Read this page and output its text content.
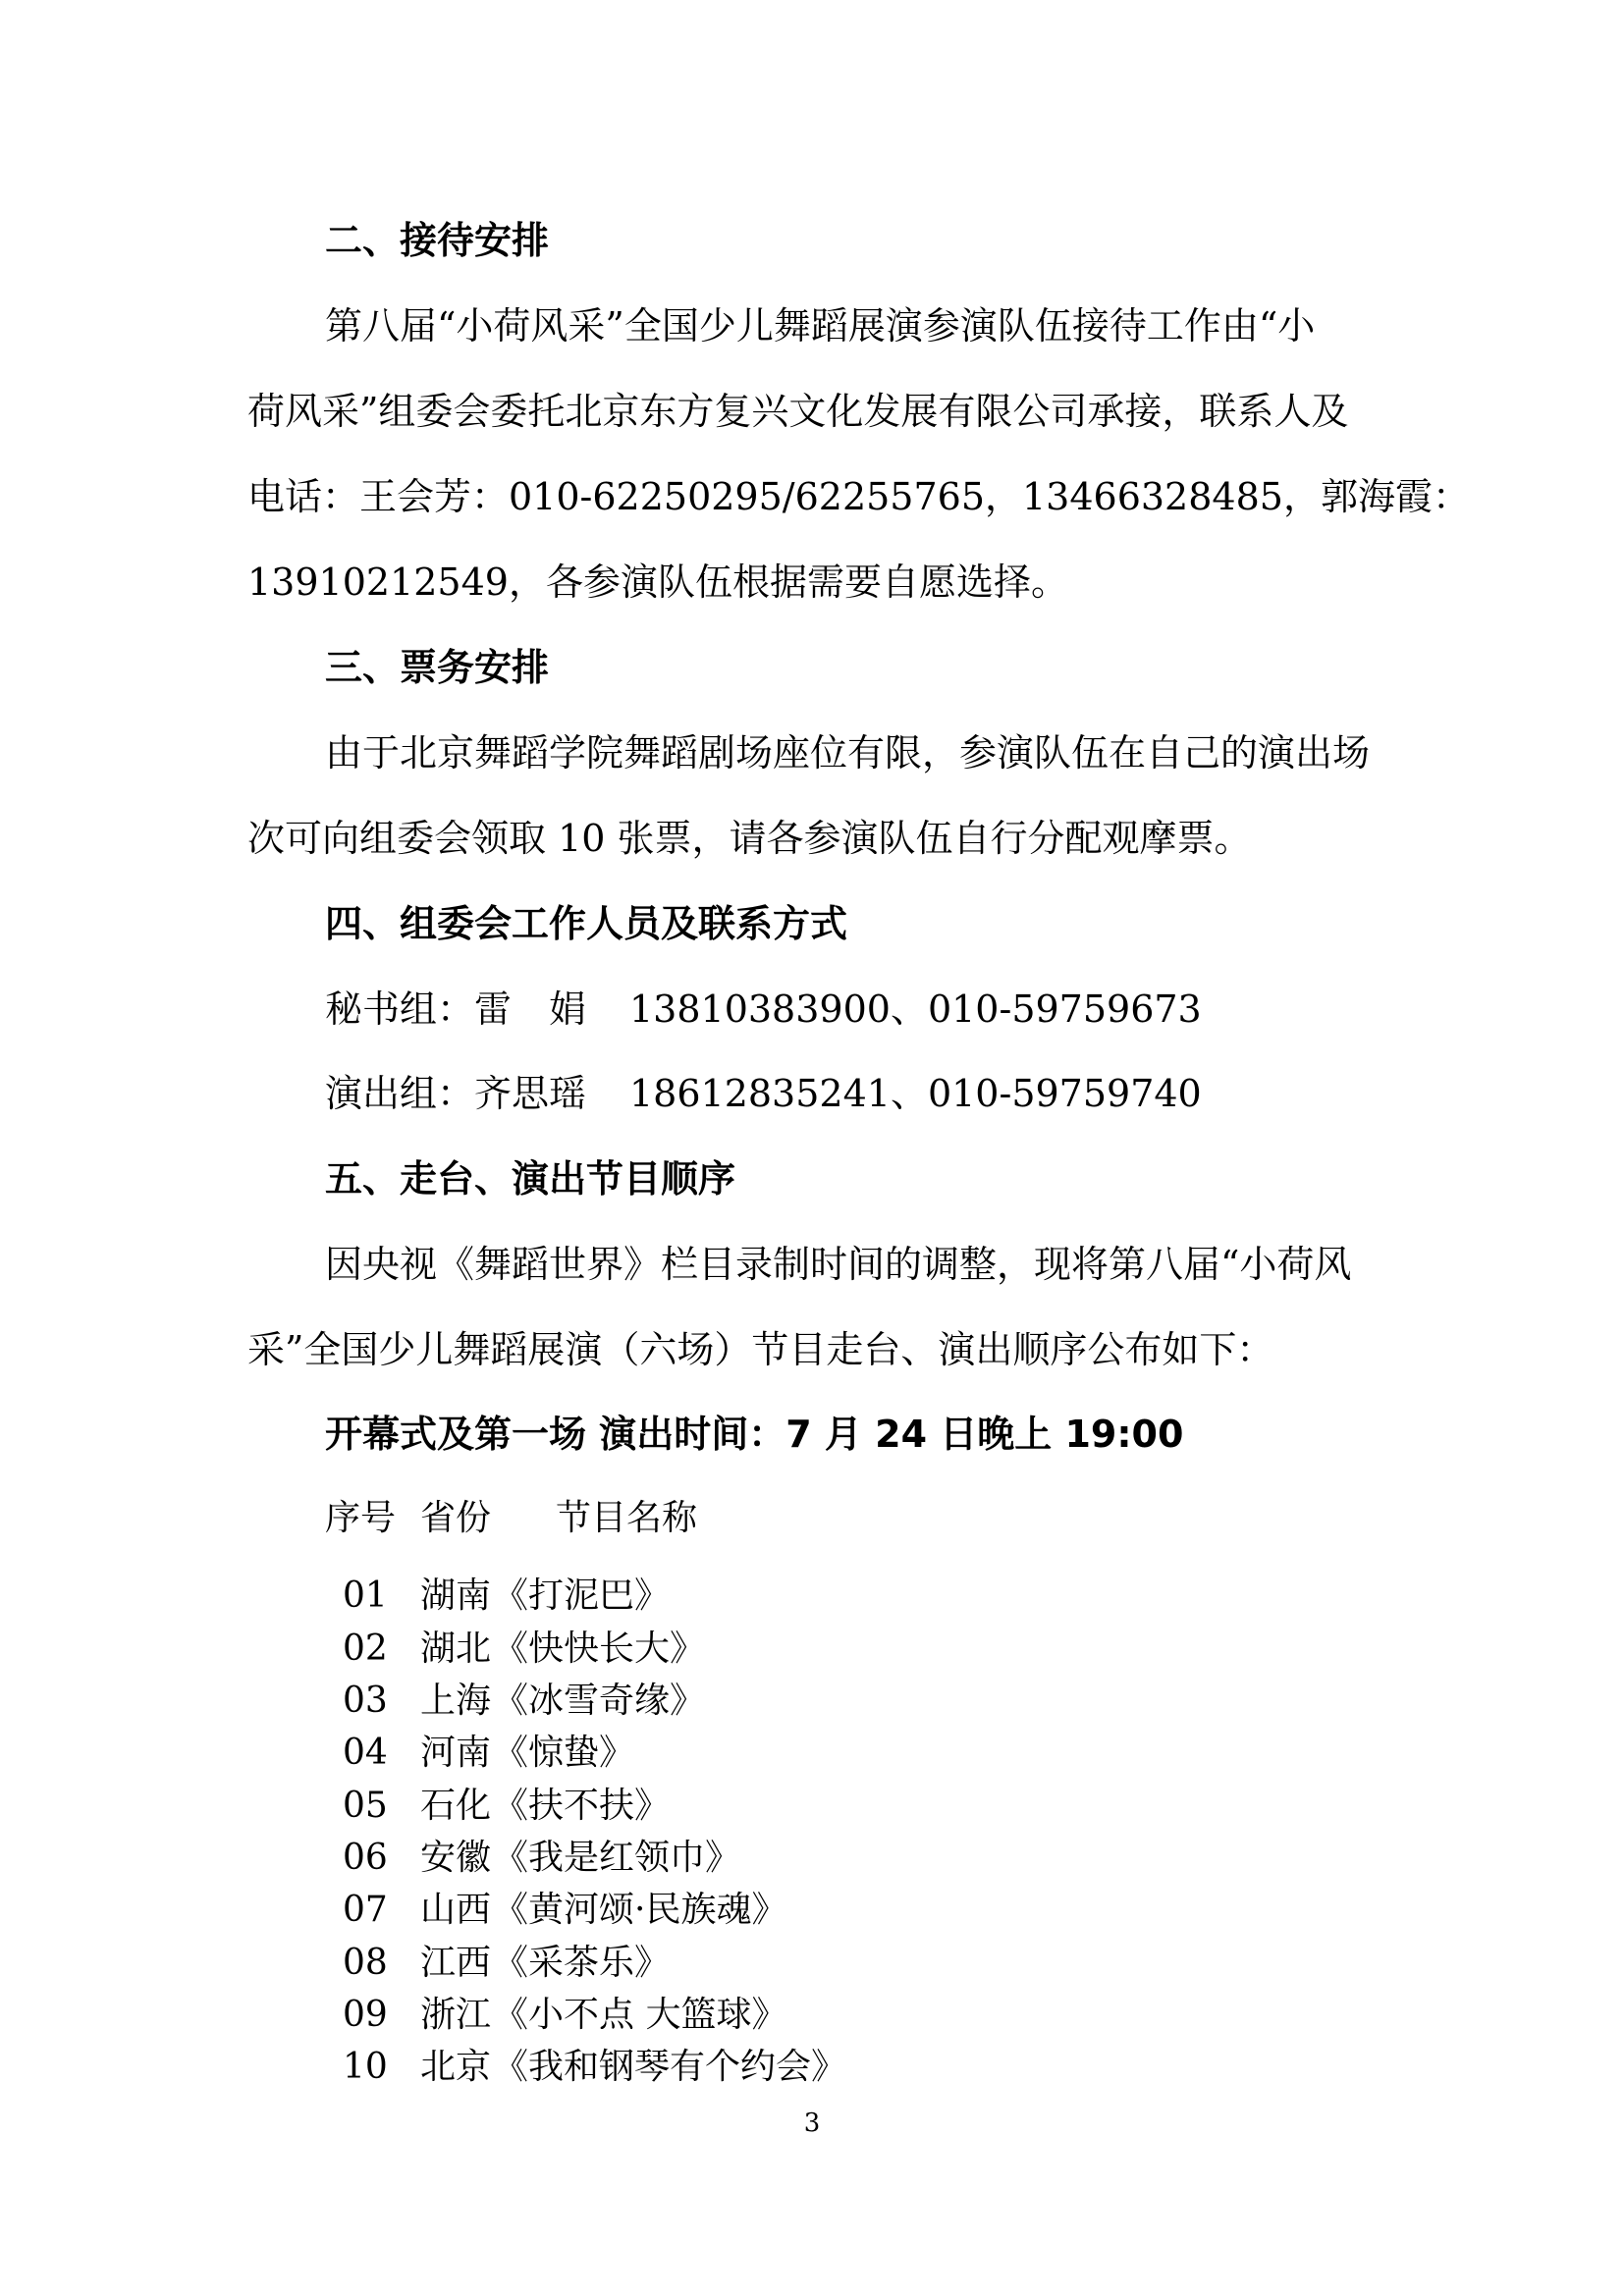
二、接待安排
第八届“小荷风采”全国少儿舞蹈展演参演队伍接待工作由“小
荷风采”组委会委托北京东方复兴文化发展有限公司承接，联系人及
电话：王会芳：010-62250295/62255765，13466328485，郭海霞：
13910212549，各参演队伍根据需要自愿选择。
三、票务安排
由于北京舞蹈学院舞蹈剧场座位有限，参演队伍在自己的演出场
次可向组委会领取 10 张票，请各参演队伍自行分配观摩票。
四、组委会工作人员及联系方式
秘书组：雷　娟 13810383900、010-59759673
演出组：齐思瑶 18612835241、010-59759740
五、走台、演出节目顺序
因央视《舞蹈世界》栏目录制时间的调整，现将第八届“小荷风
采”全国少儿舞蹈展演（六场）节目走台、演出顺序公布如下：
开幕式及第一场 演出时间：7 月 24 日晚上 19:00
序号 省份 节目名称
01 湖南 《打泥巴》
02 湖北 《快快长大》
03 上海 《冰雪奇缘》
04 河南 《惊蛰》
05 石化 《扶不扶》
06 安徽 《我是红领巾》
07 山西 《黄河颂·民族魂》
08 江西 《采茶乐》
09 浙江 《小不点 大篮球》
10 北京 《我和钢琴有个约会》
3
